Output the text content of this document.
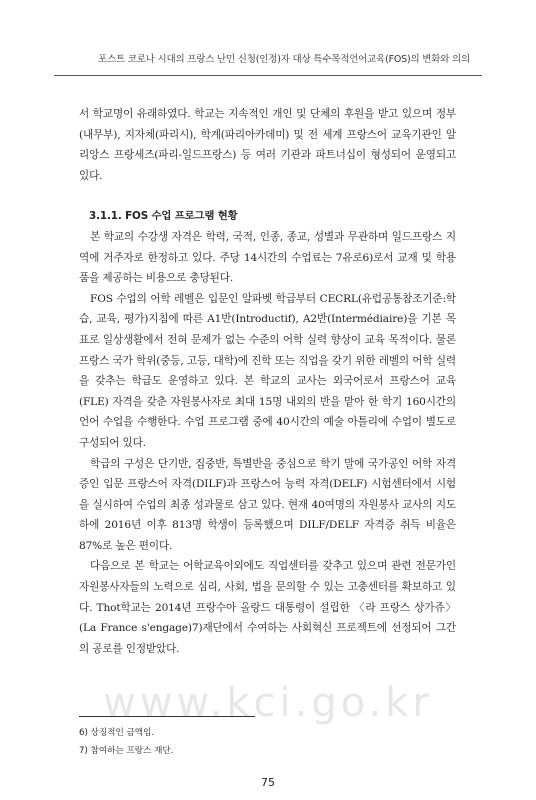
포스트 코로나 시대의 프랑스 난민 신청(인정)자 대상 특수목적언어교육(FOS)의 변화와 의의

서 학교명이 유래하였다. 학교는 지속적인 개인 및 단체의 후원을 받고 있으며 정부(내무부), 지자체(파리시), 학계(파리아카데미) 및 전 세계 프랑스어 교육기관인 알리앙스 프랑세즈(파리-일드프랑스) 등 여러 기관과 파트너십이 형성되어 운영되고 있다.

3.1.1. FOS 수업 프로그램 현황

본 학교의 수강생 자격은 학력, 국적, 인종, 종교, 성별과 무관하며 일드프랑스 지역에 거주자로 한정하고 있다. 주당 14시간의 수업료는 7유로6)로서 교재 및 학용품을 제공하는 비용으로 충당된다.

FOS 수업의 어학 레벨은 입문인 알파벳 학급부터 CECRL(유럽공통참조기준:학습, 교육, 평가)지침에 따른 A1반(Introductif), A2반(Intermédiaire)을 기본 목표로 일상생활에서 전혀 문제가 없는 수준의 어학 실력 향상이 교육 목적이다. 물론 프랑스 국가 학위(중등, 고등, 대학)에 진학 또는 직업을 갖기 위한 레벨의 어학 실력을 갖추는 학급도 운영하고 있다. 본 학교의 교사는 외국어로서 프랑스어 교육(FLE) 자격을 갖춘 자원봉사자로 최대 15명 내외의 반을 맡아 한 학기 160시간의 언어 수업을 수행한다. 수업 프로그램 중에 40시간의 예술 아틀리에 수업이 별도로 구성되어 있다.

학급의 구성은 단기반, 집중반, 특별반을 중심으로 학기 말에 국가공인 어학 자격증인 입문 프랑스어 자격(DILF)과 프랑스어 능력 자격(DELF) 시험센터에서 시험을 실시하여 수업의 최종 성과물로 삼고 있다. 현재 40여명의 자원봉사 교사의 지도하에 2016년 이후 813명 학생이 등록했으며 DILF/DELF 자격증 취득 비율은 87%로 높은 편이다.

다음으로 본 학교는 어학교육이외에도 직업센터를 갖추고 있으며 관련 전문가인 자원봉사자들의 노력으로 심리, 사회, 법을 문의할 수 있는 고충센터를 확보하고 있다. Thot학교는 2014년 프랑수아 올랑드 대통령이 설립한 〈라 프랑스 상가쥬〉(La France s'engage)7)재단에서 수여하는 사회혁신 프로젝트에 선정되어 그간의 공로를 인정받았다.

6) 상징적인 금액임.

7) 참여하는 프랑스 재단.

www.kci.go.kr
75
